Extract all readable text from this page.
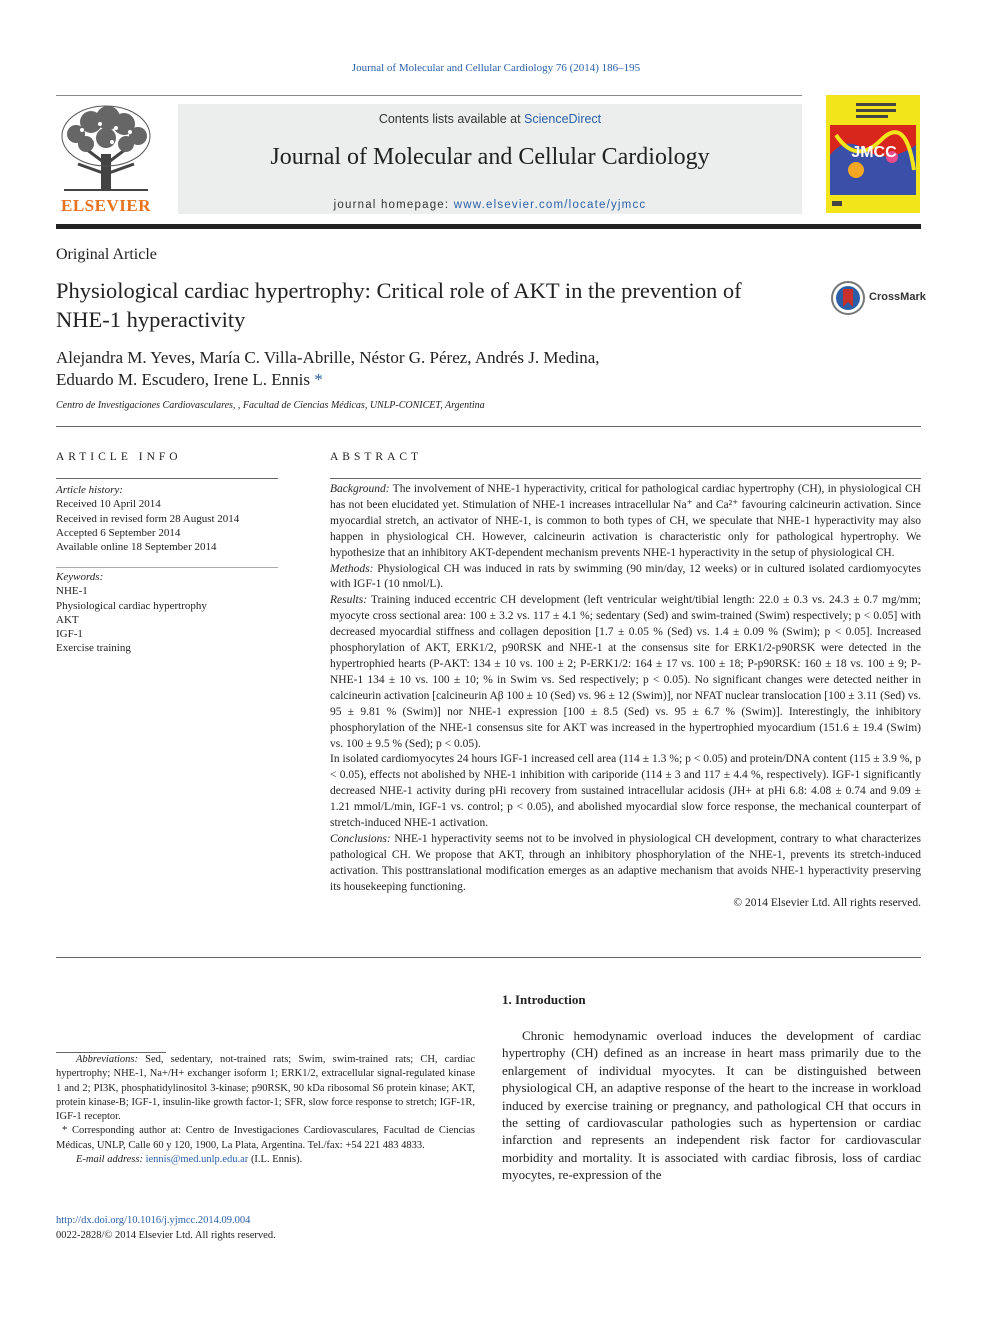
Journal of Molecular and Cellular Cardiology 76 (2014) 186–195
ELSEVIER
Contents lists available at ScienceDirect
Journal of Molecular and Cellular Cardiology
journal homepage: www.elsevier.com/locate/yjmcc
JMCC
Original Article
Physiological cardiac hypertrophy: Critical role of AKT in the prevention of NHE-1 hyperactivity
CrossMark
Alejandra M. Yeves, María C. Villa-Abrille, Néstor G. Pérez, Andrés J. Medina,
Eduardo M. Escudero, Irene L. Ennis *
Centro de Investigaciones Cardiovasculares, , Facultad de Ciencias Médicas, UNLP-CONICET, Argentina
ARTICLE INFO	ABSTRACT
Article history:
Received 10 April 2014
Received in revised form 28 August 2014
Accepted 6 September 2014
Available online 18 September 2014
Keywords:
NHE-1
Physiological cardiac hypertrophy
AKT
IGF-1
Exercise training

Background: The involvement of NHE-1 hyperactivity, critical for pathological cardiac hypertrophy (CH), in physiological CH has not been elucidated yet. Stimulation of NHE-1 increases intracellular Na⁺ and Ca²⁺ favouring calcineurin activation. Since myocardial stretch, an activator of NHE-1, is common to both types of CH, we speculate that NHE-1 hyperactivity may also happen in physiological CH. However, calcineurin activation is characteristic only for pathological hypertrophy. We hypothesize that an inhibitory AKT-dependent mechanism prevents NHE-1 hyperactivity in the setup of physiological CH.

Methods: Physiological CH was induced in rats by swimming (90 min/day, 12 weeks) or in cultured isolated cardiomyocytes with IGF-1 (10 nmol/L).

Results: Training induced eccentric CH development (left ventricular weight/tibial length: 22.0 ± 0.3 vs. 24.3 ± 0.7 mg/mm; myocyte cross sectional area: 100 ± 3.2 vs. 117 ± 4.1 %; sedentary (Sed) and swim-trained (Swim) respectively; p < 0.05] with decreased myocardial stiffness and collagen deposition [1.7 ± 0.05 % (Sed) vs. 1.4 ± 0.09 % (Swim); p < 0.05]. Increased phosphorylation of AKT, ERK1/2, p90RSK and NHE-1 at the consensus site for ERK1/2-p90RSK were detected in the hypertrophied hearts (P-AKT: 134 ± 10 vs. 100 ± 2; P-ERK1/2: 164 ± 17 vs. 100 ± 18; P-p90RSK: 160 ± 18 vs. 100 ± 9; P-NHE-1 134 ± 10 vs. 100 ± 10; % in Swim vs. Sed respectively; p < 0.05). No significant changes were detected neither in calcineurin activation [calcineurin Aβ 100 ± 10 (Sed) vs. 96 ± 12 (Swim)], nor NFAT nuclear translocation [100 ± 3.11 (Sed) vs. 95 ± 9.81 % (Swim)] nor NHE-1 expression [100 ± 8.5 (Sed) vs. 95 ± 6.7 % (Swim)]. Interestingly, the inhibitory phosphorylation of the NHE-1 consensus site for AKT was increased in the hypertrophied myocardium (151.6 ± 19.4 (Swim) vs. 100 ± 9.5 % (Sed); p < 0.05).

In isolated cardiomyocytes 24 hours IGF-1 increased cell area (114 ± 1.3 %; p < 0.05) and protein/DNA content (115 ± 3.9 %, p < 0.05), effects not abolished by NHE-1 inhibition with cariporide (114 ± 3 and 117 ± 4.4 %, respectively). IGF-1 significantly decreased NHE-1 activity during pHi recovery from sustained intracellular acidosis (JH+ at pHi 6.8: 4.08 ± 0.74 and 9.09 ± 1.21 mmol/L/min, IGF-1 vs. control; p < 0.05), and abolished myocardial slow force response, the mechanical counterpart of stretch-induced NHE-1 activation.

Conclusions: NHE-1 hyperactivity seems not to be involved in physiological CH development, contrary to what characterizes pathological CH. We propose that AKT, through an inhibitory phosphorylation of the NHE-1, prevents its stretch-induced activation. This posttranslational modification emerges as an adaptive mechanism that avoids NHE-1 hyperactivity preserving its housekeeping functioning.

© 2014 Elsevier Ltd. All rights reserved.

1. Introduction
Chronic hemodynamic overload induces the development of cardiac hypertrophy (CH) defined as an increase in heart mass primarily due to the enlargement of individual myocytes. It can be distinguished between physiological CH, an adaptive response of the heart to the increase in workload induced by exercise training or pregnancy, and pathological CH that occurs in the setting of cardiovascular pathologies such as hypertension or cardiac infarction and represents an independent risk factor for cardiovascular morbidity and mortality. It is associated with cardiac fibrosis, loss of cardiac myocytes, re-expression of the

Abbreviations: Sed, sedentary, not-trained rats; Swim, swim-trained rats; CH, cardiac hypertrophy; NHE-1, Na+/H+ exchanger isoform 1; ERK1/2, extracellular signal-regulated kinase 1 and 2; PI3K, phosphatidylinositol 3-kinase; p90RSK, 90 kDa ribosomal S6 protein kinase; AKT, protein kinase-B; IGF-1, insulin-like growth factor-1; SFR, slow force response to stretch; IGF-1R, IGF-1 receptor.

* Corresponding author at: Centro de Investigaciones Cardiovasculares, Facultad de Ciencias Médicas, UNLP, Calle 60 y 120, 1900, La Plata, Argentina. Tel./fax: +54 221 483 4833.

E-mail address: iennis@med.unlp.edu.ar (I.L. Ennis).

http://dx.doi.org/10.1016/j.yjmcc.2014.09.004
0022-2828/© 2014 Elsevier Ltd. All rights reserved.
